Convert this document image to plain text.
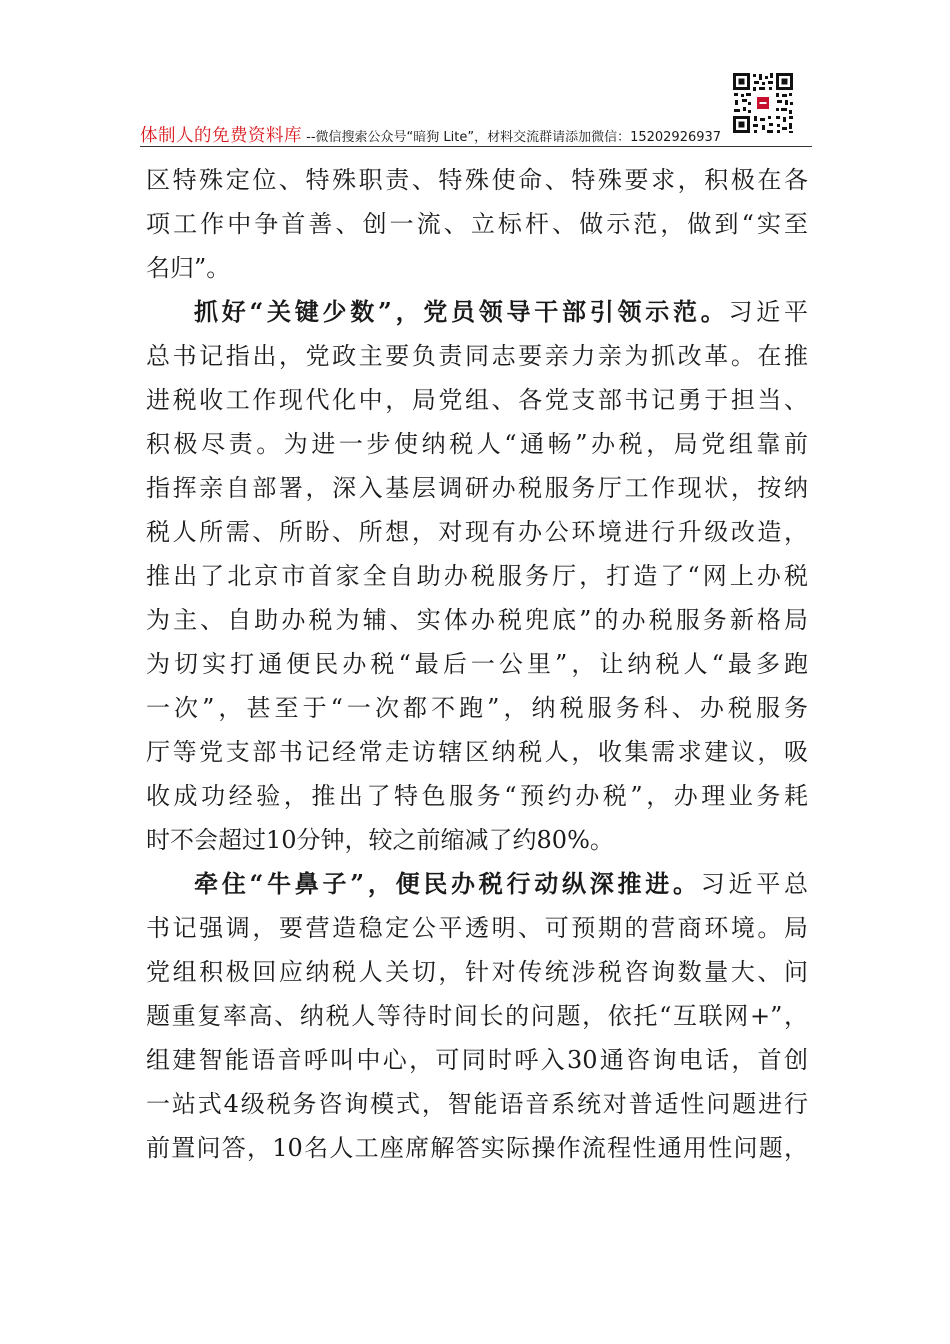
体制人的免费资料库 --微信搜索公众号“暗狗 Lite”，材料交流群请添加微信：15202926937
区特殊定位、特殊职责、特殊使命、特殊要求，积极在各
项工作中争首善、创一流、立标杆、做示范，做到“实至
名归”。
抓好“关键少数”，党员领导干部引领示范。习近平
总书记指出，党政主要负责同志要亲力亲为抓改革。在推
进税收工作现代化中，局党组、各党支部书记勇于担当、
积极尽责。为进一步使纳税人“通畅”办税，局党组靠前
指挥亲自部署，深入基层调研办税服务厅工作现状，按纳
税人所需、所盼、所想，对现有办公环境进行升级改造，
推出了北京市首家全自助办税服务厅，打造了“网上办税
为主、自助办税为辅、实体办税兜底”的办税服务新格局
为切实打通便民办税“最后一公里”，让纳税人“最多跑
一次”，甚至于“一次都不跑”，纳税服务科、办税服务
厅等党支部书记经常走访辖区纳税人，收集需求建议，吸
收成功经验，推出了特色服务“预约办税”，办理业务耗
时不会超过10分钟，较之前缩减了约80%。
牵住“牛鼻子”，便民办税行动纵深推进。习近平总
书记强调，要营造稳定公平透明、可预期的营商环境。局
党组积极回应纳税人关切，针对传统涉税咨询数量大、问
题重复率高、纳税人等待时间长的问题，依托“互联网+”，
组建智能语音呼叫中心，可同时呼入30通咨询电话，首创
一站式4级税务咨询模式，智能语音系统对普适性问题进行
前置问答，10名人工座席解答实际操作流程性通用性问题，
